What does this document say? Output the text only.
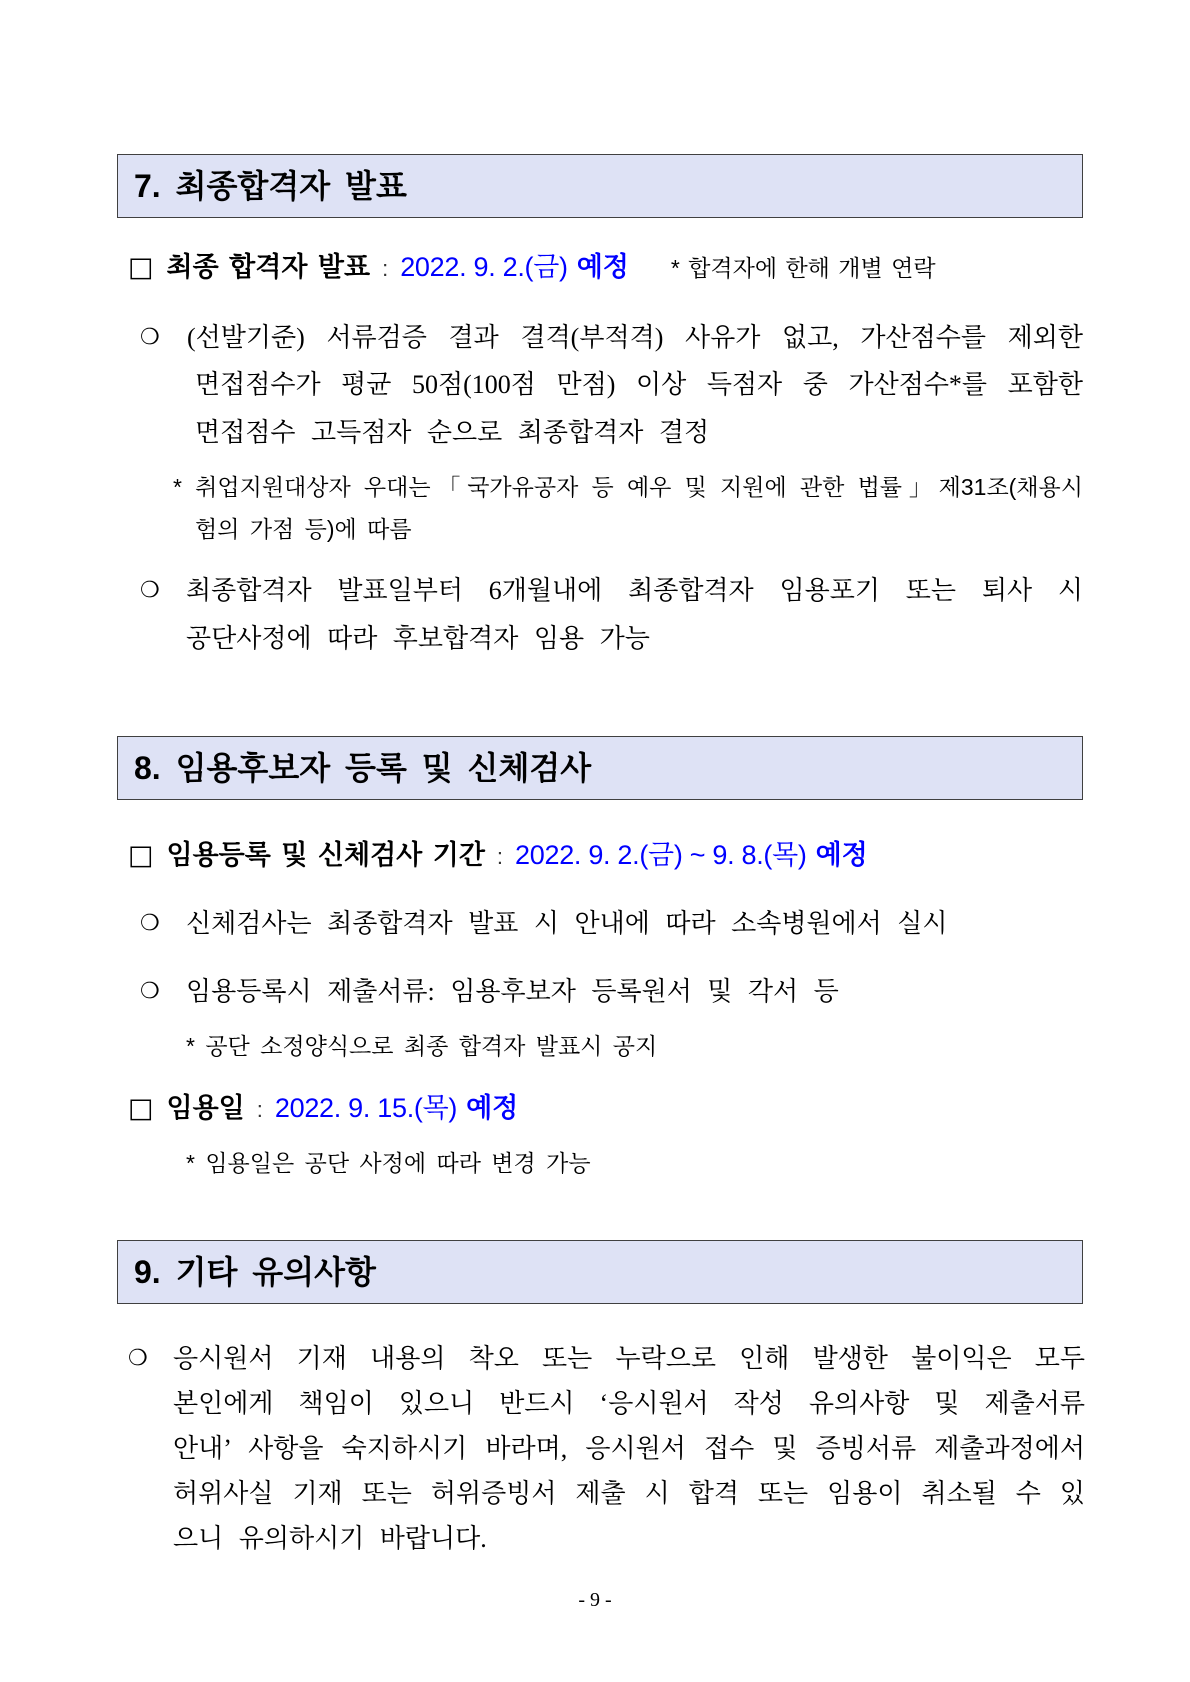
7. 최종합격자 발표
□ 최종 합격자 발표 : 2022. 9. 2.(금) 예정 * 합격자에 한해 개별 연락
❍ (선발기준) 서류검증 결과 결격(부적격) 사유가 없고, 가산점수를 제외한
면접점수가 평균 50점(100점 만점) 이상 득점자 중 가산점수*를 포함한
면접점수 고득점자 순으로 최종합격자 결정
* 취업지원대상자 우대는「국가유공자 등 예우 및 지원에 관한 법률」제31조(채용시
험의 가점 등)에 따름
❍ 최종합격자 발표일부터 6개월내에 최종합격자 임용포기 또는 퇴사 시
공단사정에 따라 후보합격자 임용 가능
8. 임용후보자 등록 및 신체검사
□ 임용등록 및 신체검사 기간 : 2022. 9. 2.(금) ~ 9. 8.(목) 예정
❍ 신체검사는 최종합격자 발표 시 안내에 따라 소속병원에서 실시
❍ 임용등록시 제출서류: 임용후보자 등록원서 및 각서 등
* 공단 소정양식으로 최종 합격자 발표시 공지
□ 임용일 : 2022. 9. 15.(목) 예정
* 임용일은 공단 사정에 따라 변경 가능
9. 기타 유의사항
❍ 응시원서 기재 내용의 착오 또는 누락으로 인해 발생한 불이익은 모두
본인에게 책임이 있으니 반드시 ‘응시원서 작성 유의사항 및 제출서류
안내’ 사항을 숙지하시기 바라며, 응시원서 접수 및 증빙서류 제출과정에서
허위사실 기재 또는 허위증빙서 제출 시 합격 또는 임용이 취소될 수 있
으니 유의하시기 바랍니다.
- 9 -
